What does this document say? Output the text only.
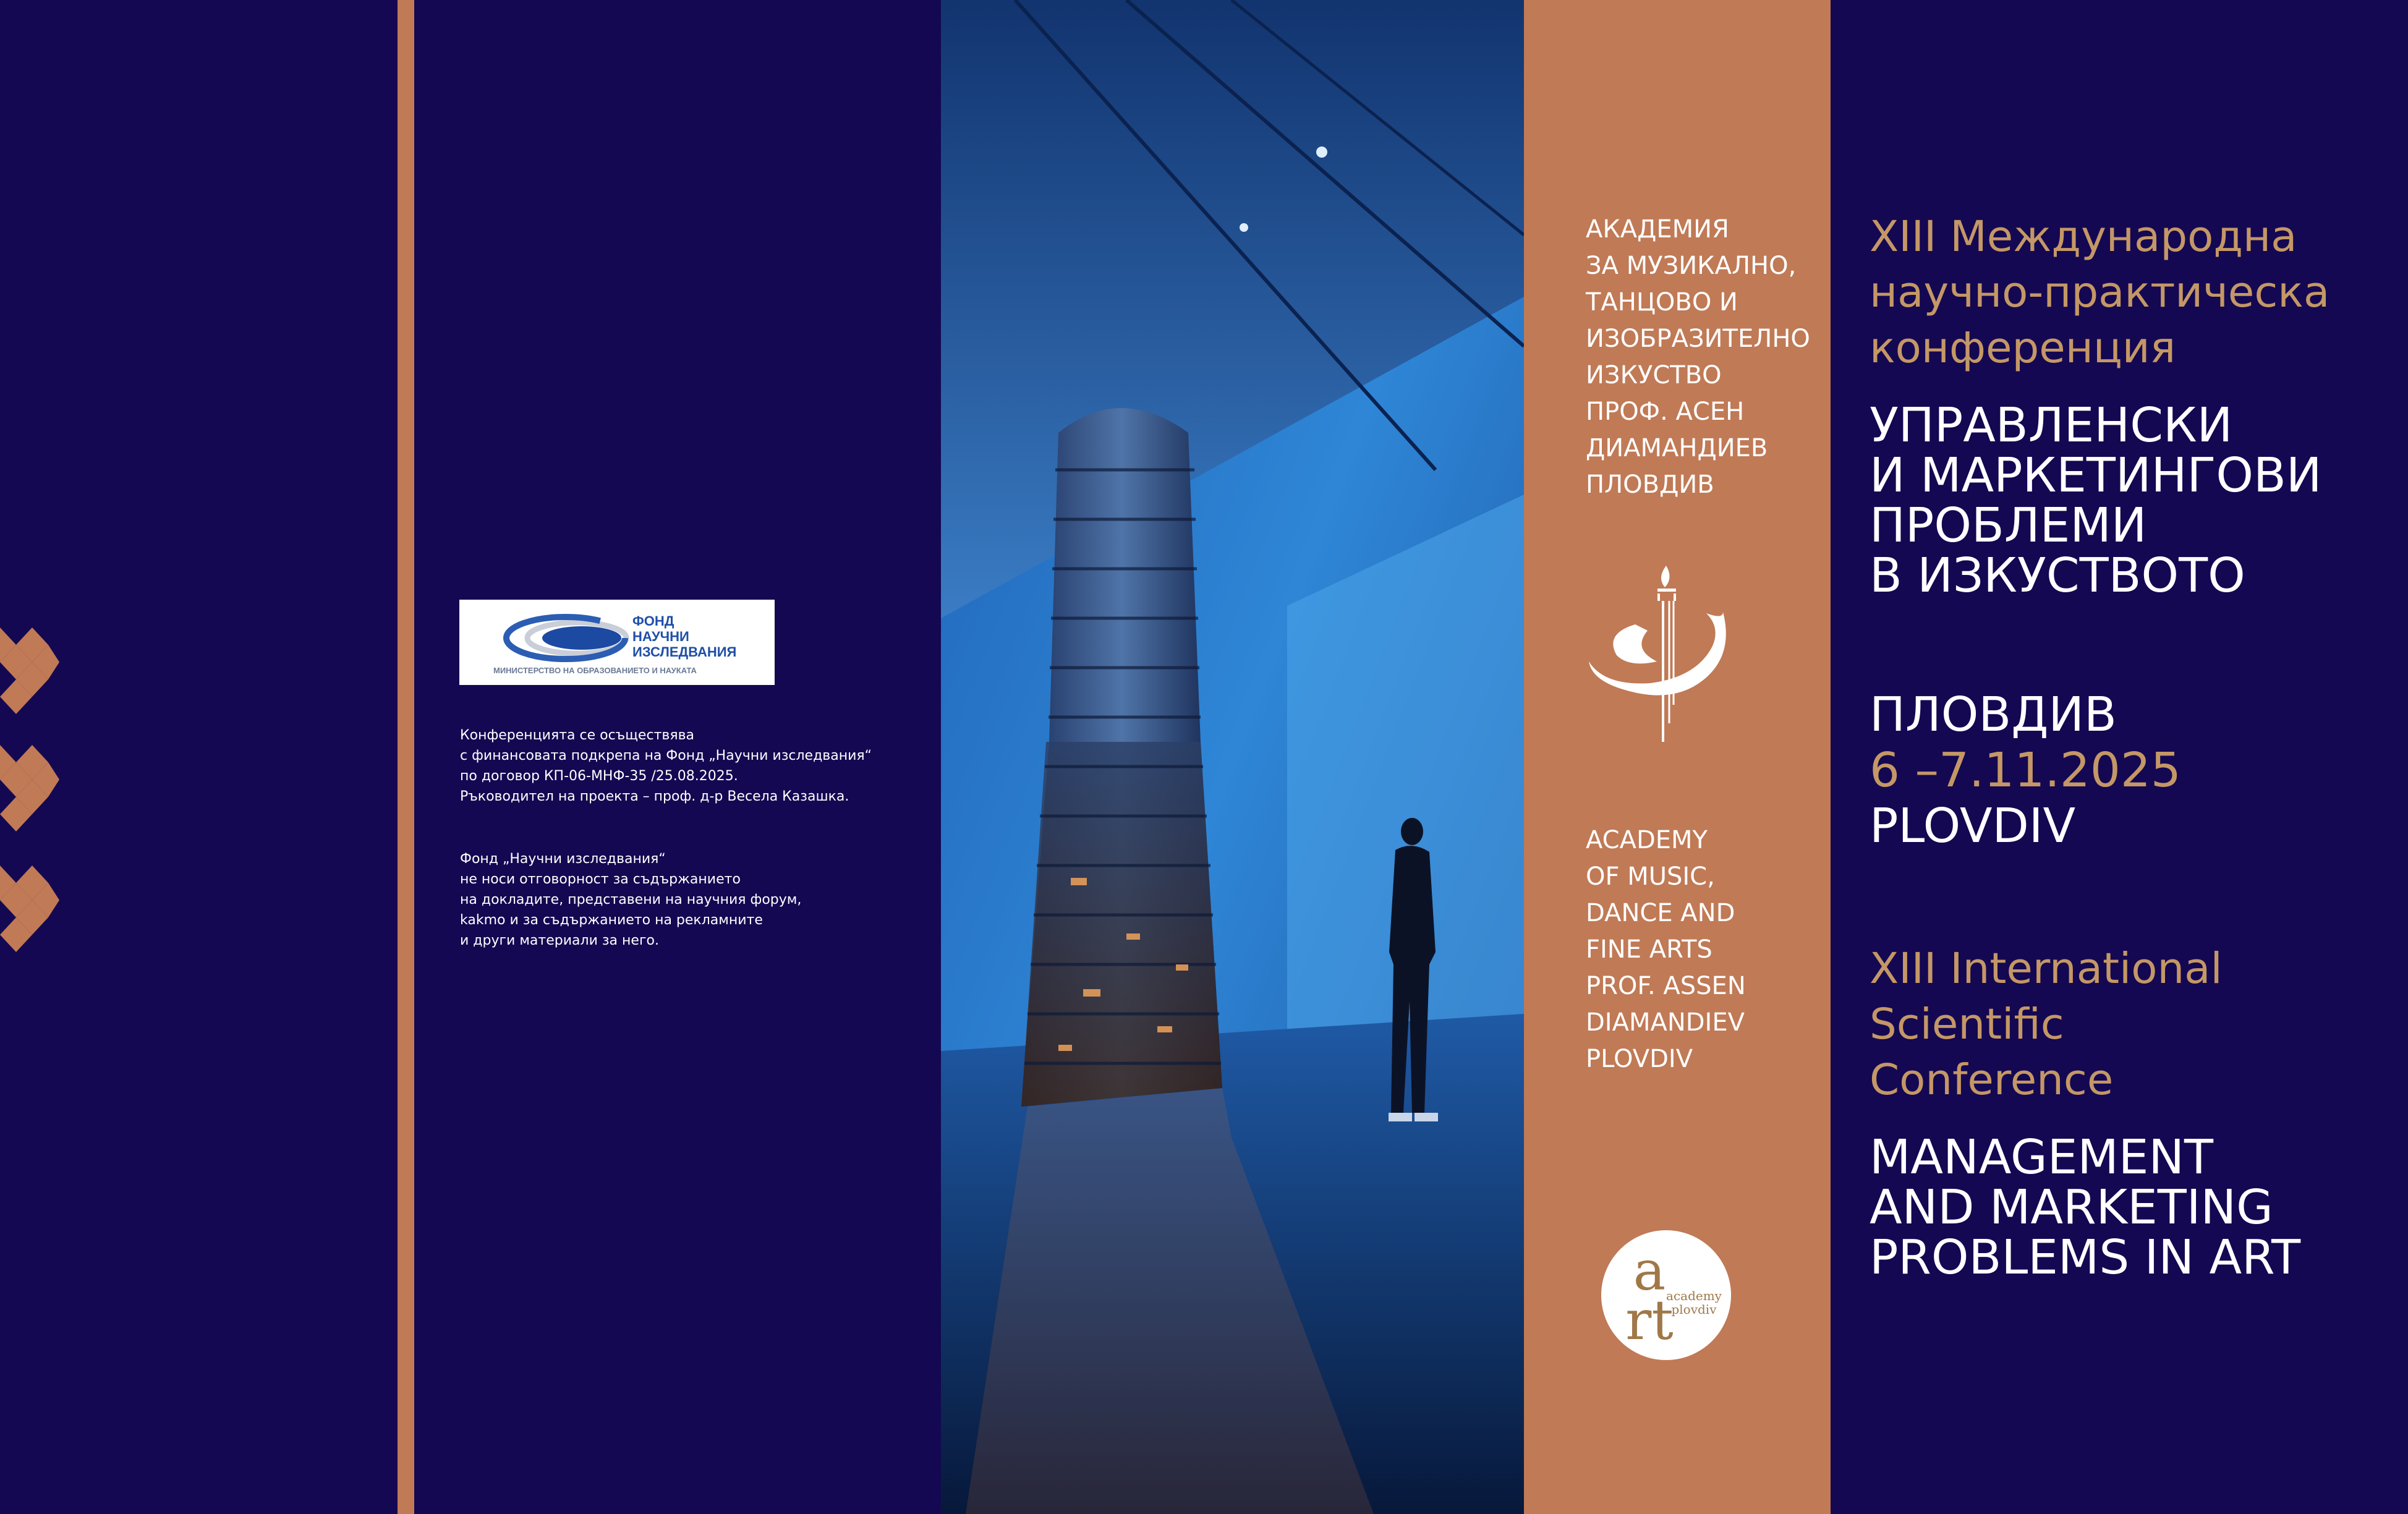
ФОНД
НАУЧНИ
ИЗСЛЕДВАНИЯ
МИНИСТЕРСТВО НА ОБРАЗОВАНИЕТО И НАУКАТА

Конференцията се осъществява
с финансовата подкрепа на Фонд „Научни изследвания“
по договор КП-06-МНФ-35 /25.08.2025.
Ръководител на проекта – проф. д-р Весела Казашка.

Фонд „Научни изследвания“
не носи отговорност за съдържанието
на докладите, представени на научния форум,
kakmo и за съдържанието на рекламните
и други материали за него.

АКАДЕМИЯ
ЗА МУЗИКАЛНО,
ТАНЦОВО И
ИЗОБРАЗИТЕЛНО
ИЗКУСТВО
ПРОФ. АСЕН
ДИАМАНДИЕВ
ПЛОВДИВ
ACADEMY
OF MUSIC,
DANCE AND
FINE ARTS
PROF. ASSEN
DIAMANDIEV
PLOVDIV
a
rt
academy
plovdiv

XIII Международна
научно-практическа
конференция

УПРАВЛЕНСКИ
И МАРКЕТИНГОВИ
ПРОБЛЕМИ
В ИЗКУСТВОТО

ПЛОВДИВ

6 –7.11.2025

PLOVDIV

XIII International
Scientific
Conference

MANAGEMENT
AND MARKETING
PROBLEMS IN ART
